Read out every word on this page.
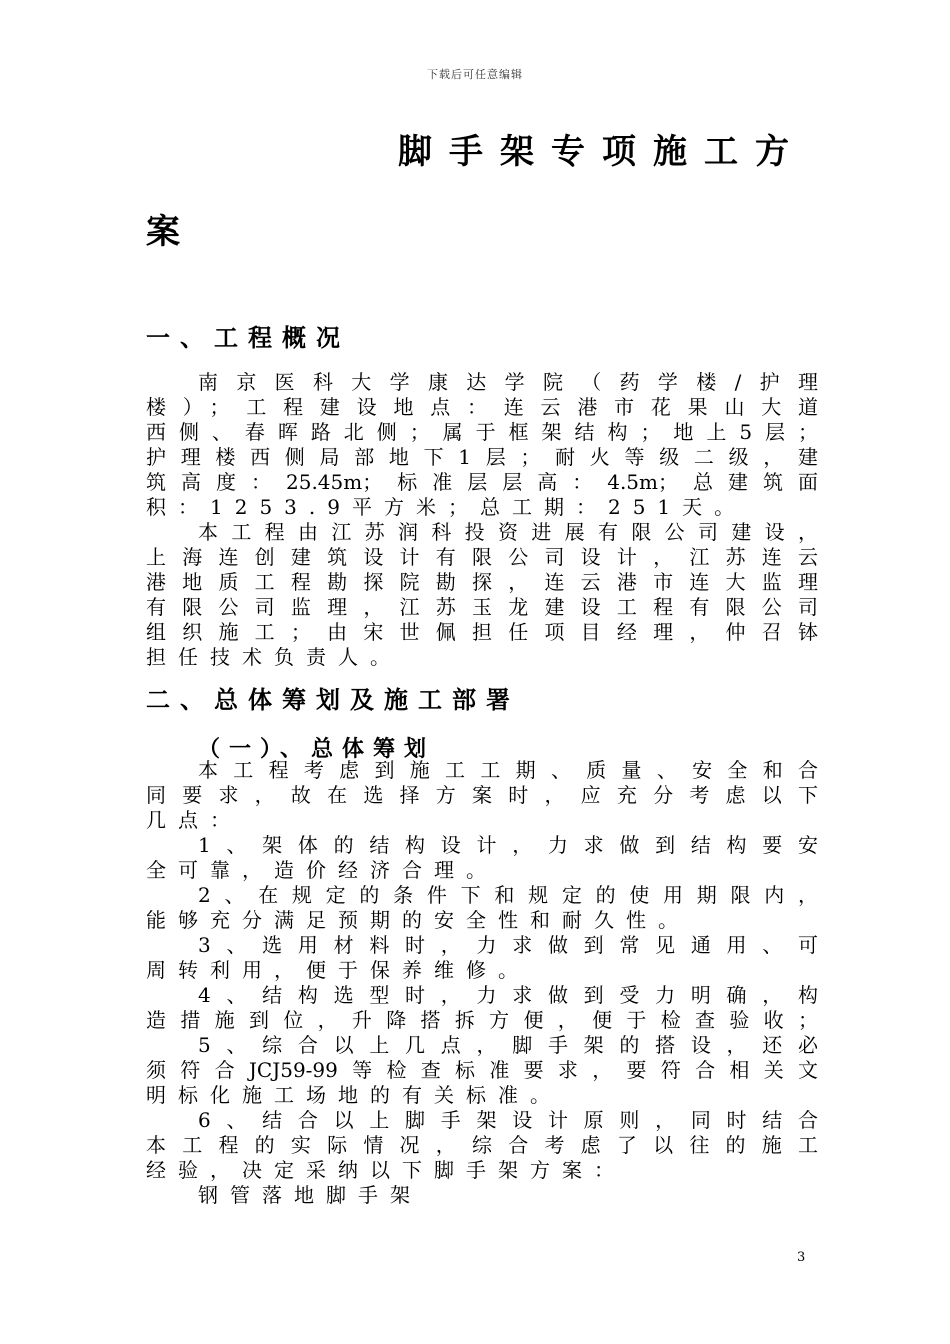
下载后可任意编辑
脚手架专项施工方
案
一、工程概况
南京医科大学康达学院（药学楼/护理
楼）；工程建设地点：连云港市花果山大道
西侧、春晖路北侧；属于框架结构；地上5层；
护理楼西侧局部地下1层；耐火等级二级，建
筑高度：25.45m；标准层层高：4.5m；总建筑面
积：1253.9平方米；总工期：251天。
本工程由江苏润科投资进展有限公司建设，
上海连创建筑设计有限公司设计，江苏连云
港地质工程勘探院勘探，连云港市连大监理
有限公司监理，江苏玉龙建设工程有限公司
组织施工；由宋世佩担任项目经理，仲召钵
担任技术负责人。
二、总体筹划及施工部署
（一）、总体筹划
本工程考虑到施工工期、质量、安全和合
同要求，故在选择方案时，应充分考虑以下
几点：
1、架体的结构设计，力求做到结构要安
全可靠，造价经济合理。
2、在规定的条件下和规定的使用期限内，
能够充分满足预期的安全性和耐久性。
3、选用材料时，力求做到常见通用、可
周转利用，便于保养维修。
4、结构选型时，力求做到受力明确，构
造措施到位，升降搭拆方便，便于检查验收；
5、综合以上几点，脚手架的搭设，还必
须符合JCJ59-99等检查标准要求，要符合相关文
明标化施工场地的有关标准。
6、结合以上脚手架设计原则，同时结合
本工程的实际情况，综合考虑了以往的施工
经验，决定采纳以下脚手架方案：
钢管落地脚手架
3
